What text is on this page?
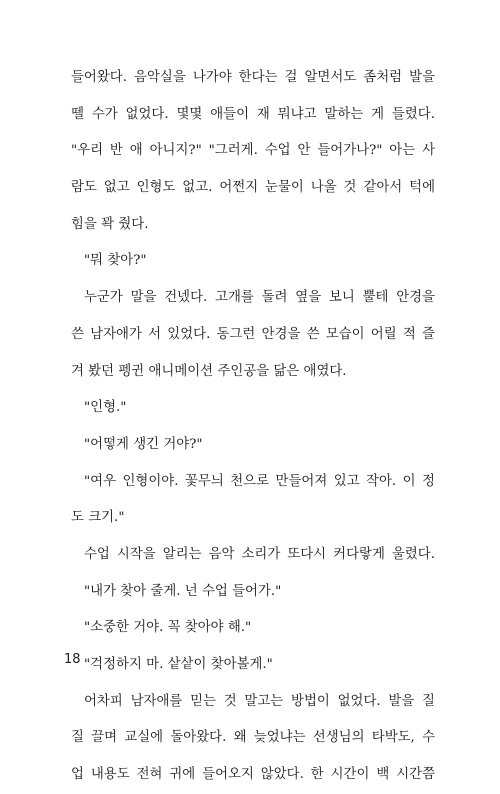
들어왔다. 음악실을 나가야 한다는 걸 알면서도 좀처럼 발을
뗄 수가 없었다. 몇몇 애들이 재 뭐냐고 말하는 게 들렸다.
"우리 반 애 아니지?" "그러게. 수업 안 들어가나?" 아는 사
람도 없고 인형도 없고. 어쩐지 눈물이 나올 것 같아서 턱에
힘을 꽉 줬다.
"뭐 찾아?"
누군가 말을 건넸다. 고개를 돌려 옆을 보니 뿔테 안경을
쓴 남자애가 서 있었다. 동그런 안경을 쓴 모습이 어릴 적 즐
겨 봤던 펭귄 애니메이션 주인공을 닮은 애였다.
"인형."
"어떻게 생긴 거야?"
"여우 인형이야. 꽃무늬 천으로 만들어져 있고 작아. 이 정
도 크기."
수업 시작을 알리는 음악 소리가 또다시 커다랗게 울렸다.
"내가 찾아 줄게. 넌 수업 들어가."
"소중한 거야. 꼭 찾아야 해."
"걱정하지 마. 샅샅이 찾아볼게."
어차피 남자애를 믿는 것 말고는 방법이 없었다. 발을 질
질 끌며 교실에 돌아왔다. 왜 늦었냐는 선생님의 타박도, 수
업 내용도 전혀 귀에 들어오지 않았다. 한 시간이 백 시간쯤
18
